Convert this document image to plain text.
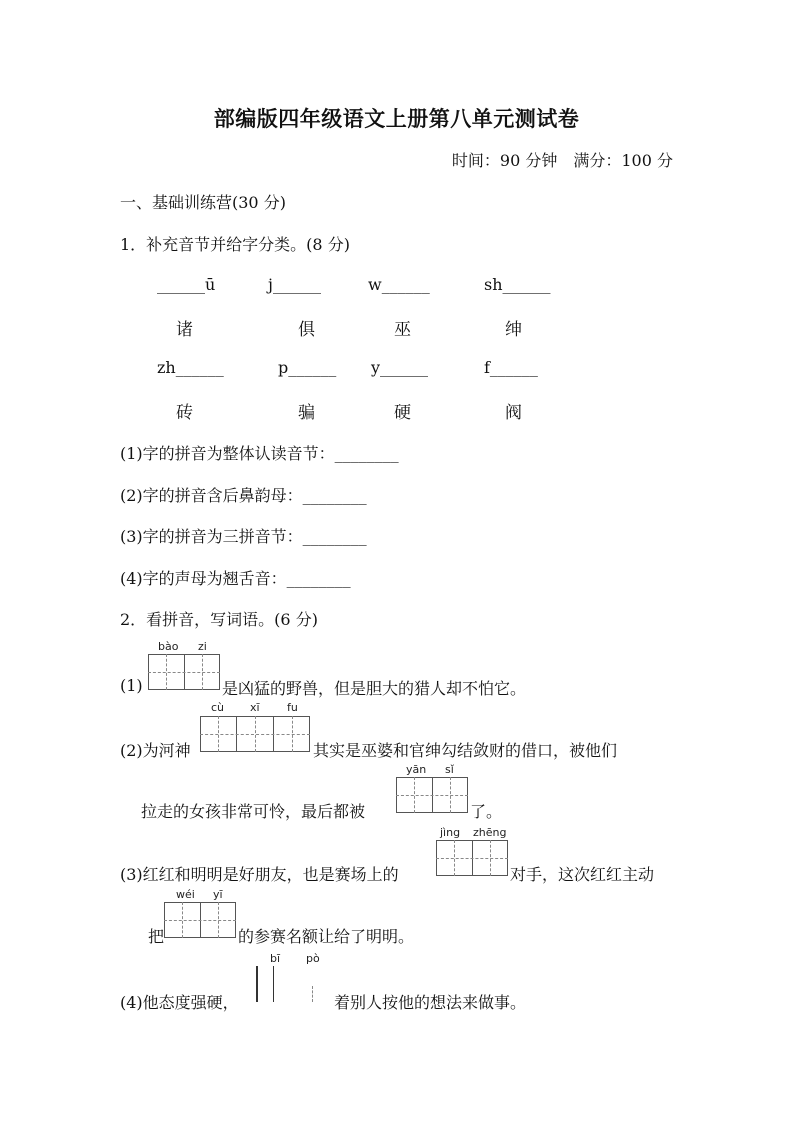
部编版四年级语文上册第八单元测试卷
时间：90 分钟　满分：100 分
一、基础训练营(30 分)
1．补充音节并给字分类。(8 分)
______ū	j______	w______	sh______
诸	俱	巫	绅
zh______	p______ y______	f______
砖	骗	硬	阀
(1)字的拼音为整体认读音节：________
(2)字的拼音含后鼻韵母：________
(3)字的拼音为三拼音节：________
(4)字的声母为翘舌音：________
2．看拼音，写词语。(6 分)
(1)
bào zi
是凶猛的野兽，但是胆大的猎人却不怕它。
(2)为河神
cù xī fu
其实是巫婆和官绅勾结敛财的借口，被他们
拉走的女孩非常可怜，最后都被
yān sǐ
了。
(3)红红和明明是好朋友，也是赛场上的
jìng zhēng
对手，这次红红主动
把
wéi yī
的参赛名额让给了明明。
(4)他态度强硬，
bī pò
着别人按他的想法来做事。
